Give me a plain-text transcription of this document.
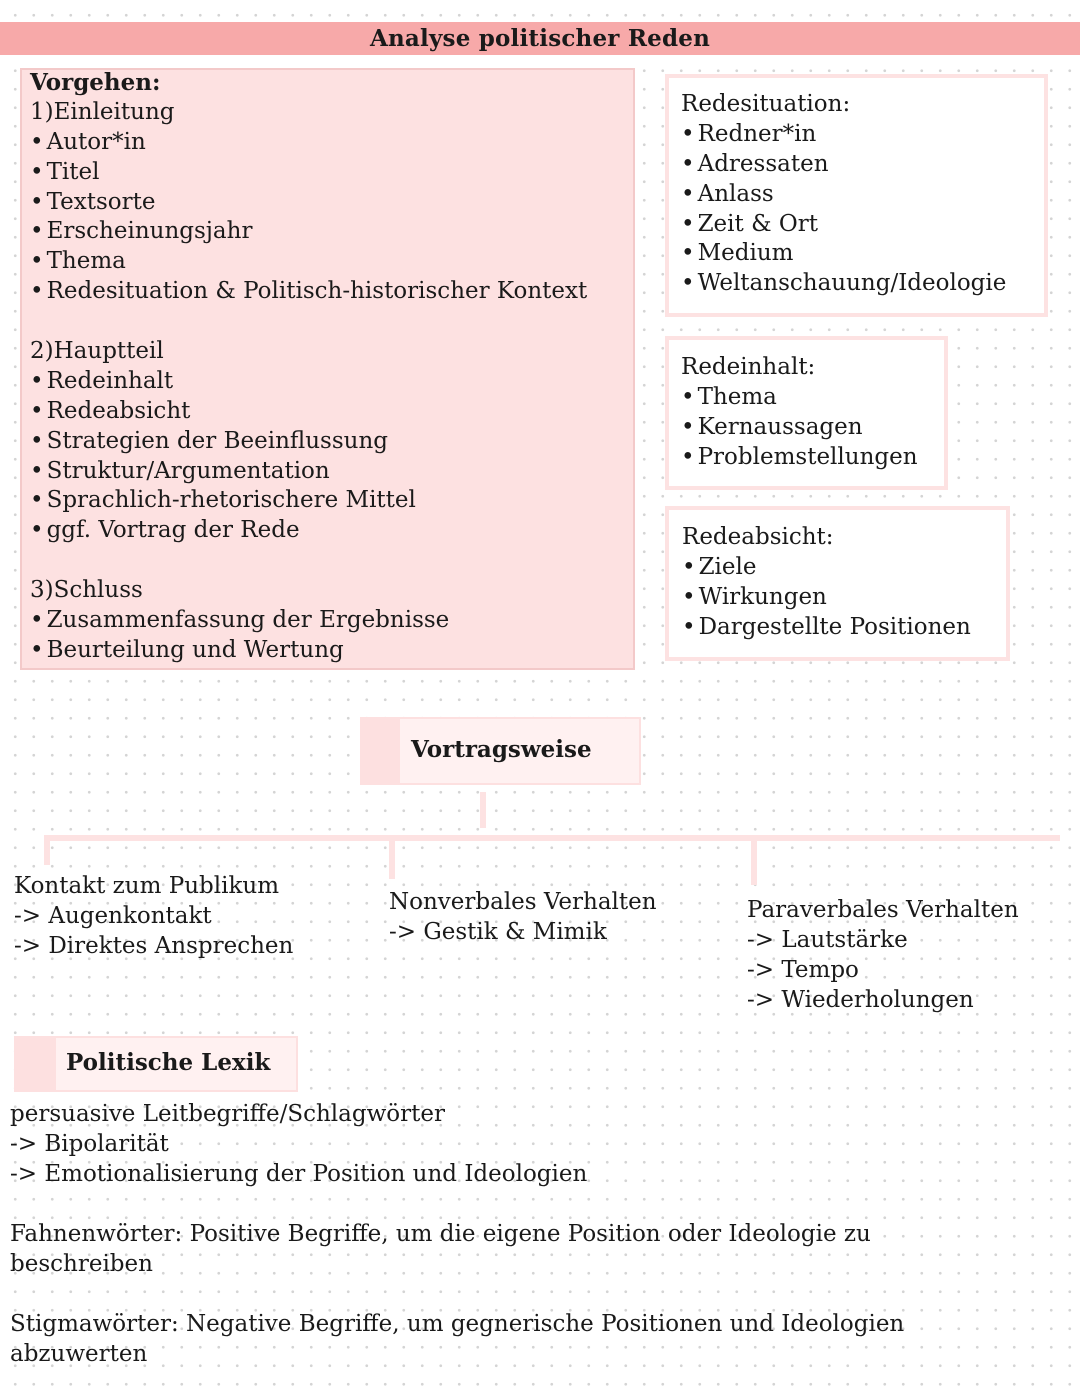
Analyse politischer Reden
Vorgehen:
1)Einleitung
• Autor*in
• Titel
• Textsorte
• Erscheinungsjahr
• Thema
• Redesituation & Politisch-historischer Kontext
2)Hauptteil
• Redeinhalt
• Redeabsicht
• Strategien der Beeinflussung
• Struktur/Argumentation
• Sprachlich-rhetorischere Mittel
• ggf. Vortrag der Rede
3)Schluss
• Zusammenfassung der Ergebnisse
• Beurteilung und Wertung
Redesituation:
• Redner*in
• Adressaten
• Anlass
• Zeit & Ort
• Medium
• Weltanschauung/Ideologie
Redeinhalt:
• Thema
• Kernaussagen
• Problemstellungen
Redeabsicht:
• Ziele
• Wirkungen
• Dargestellte Positionen
Vortragsweise
Kontakt zum Publikum
-> Augenkontakt
-> Direktes Ansprechen
Nonverbales Verhalten
-> Gestik & Mimik
Paraverbales Verhalten
-> Lautstärke
-> Tempo
-> Wiederholungen
Politische Lexik
persuasive Leitbegriffe/Schlagwörter
-> Bipolarität
-> Emotionalisierung der Position und Ideologien
Fahnenwörter: Positive Begriffe, um die eigene Position oder Ideologie zu
beschreiben
Stigmawörter: Negative Begriffe, um gegnerische Positionen und Ideologien
abzuwerten
